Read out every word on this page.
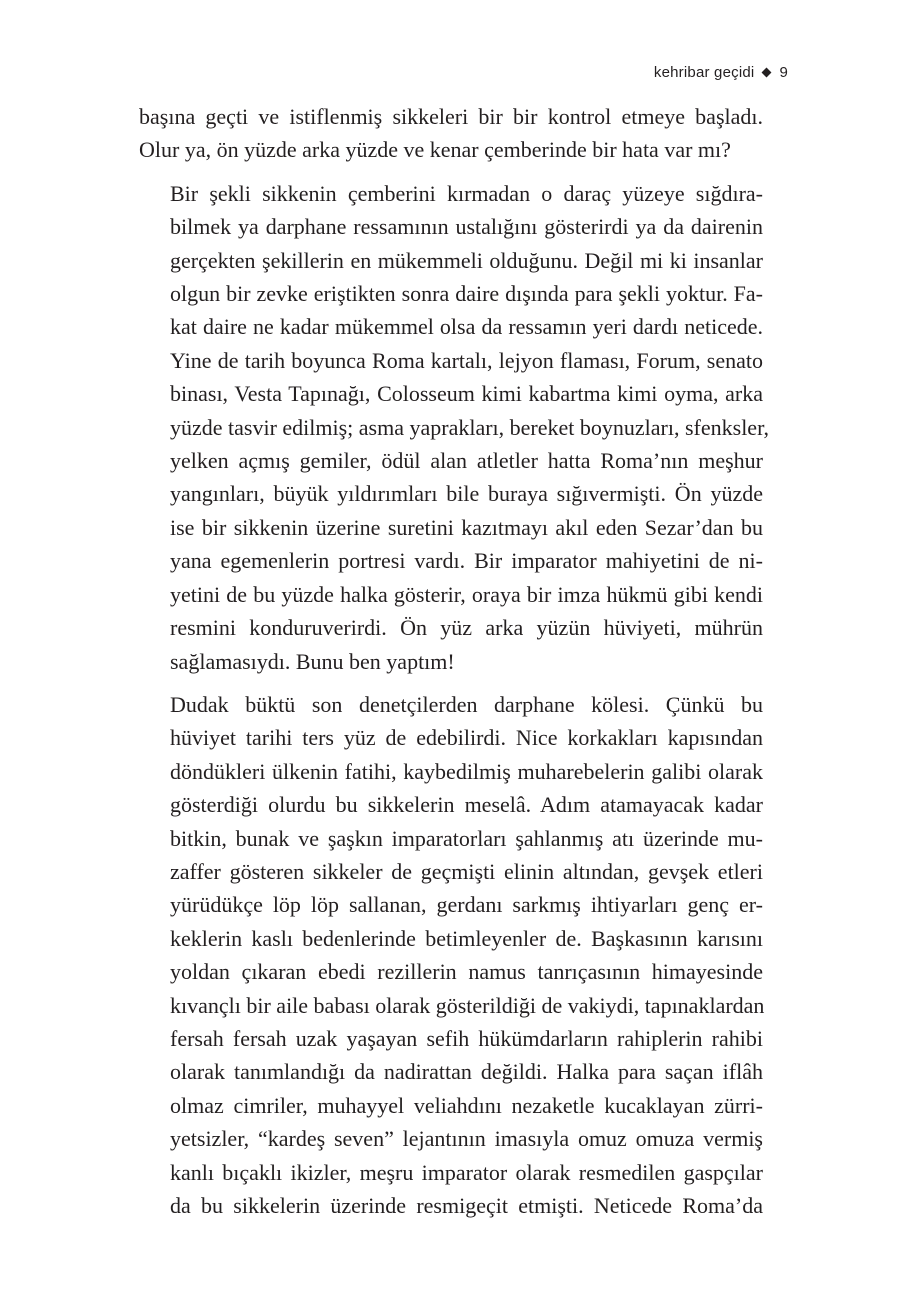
kehribar geçidi 9

başına geçti ve istiflenmiş sikkeleri bir bir kontrol etmeye başladı.
Olur ya, ön yüzde arka yüzde ve kenar çemberinde bir hata var mı?

Bir şekli sikkenin çemberini kırmadan o daraç yüzeye sığdıra-
bilmek ya darphane ressamının ustalığını gösterirdi ya da dairenin
gerçekten şekillerin en mükemmeli olduğunu. Değil mi ki insanlar
olgun bir zevke eriştikten sonra daire dışında para şekli yoktur. Fa-
kat daire ne kadar mükemmel olsa da ressamın yeri dardı neticede.
Yine de tarih boyunca Roma kartalı, lejyon flaması, Forum, senato
binası, Vesta Tapınağı, Colosseum kimi kabartma kimi oyma, arka
yüzde tasvir edilmiş; asma yaprakları, bereket boynuzları, sfenksler,
yelken açmış gemiler, ödül alan atletler hatta Roma’nın meşhur
yangınları, büyük yıldırımları bile buraya sığıvermişti. Ön yüzde
ise bir sikkenin üzerine suretini kazıtmayı akıl eden Sezar’dan bu
yana egemenlerin portresi vardı. Bir imparator mahiyetini de ni-
yetini de bu yüzde halka gösterir, oraya bir imza hükmü gibi kendi
resmini konduruverirdi. Ön yüz arka yüzün hüviyeti, mührün
sağlamasıydı. Bunu ben yaptım!

Dudak büktü son denetçilerden darphane kölesi. Çünkü bu
hüviyet tarihi ters yüz de edebilirdi. Nice korkakları kapısından
döndükleri ülkenin fatihi, kaybedilmiş muharebelerin galibi olarak
gösterdiği olurdu bu sikkelerin meselâ. Adım atamayacak kadar
bitkin, bunak ve şaşkın imparatorları şahlanmış atı üzerinde mu-
zaffer gösteren sikkeler de geçmişti elinin altından, gevşek etleri
yürüdükçe löp löp sallanan, gerdanı sarkmış ihtiyarları genç er-
keklerin kaslı bedenlerinde betimleyenler de. Başkasının karısını
yoldan çıkaran ebedi rezillerin namus tanrıçasının himayesinde
kıvançlı bir aile babası olarak gösterildiği de vakiydi, tapınaklardan
fersah fersah uzak yaşayan sefih hükümdarların rahiplerin rahibi
olarak tanımlandığı da nadirattan değildi. Halka para saçan iflâh
olmaz cimriler, muhayyel veliahdını nezaketle kucaklayan zürri-
yetsizler, “kardeş seven” lejantının imasıyla omuz omuza vermiş
kanlı bıçaklı ikizler, meşru imparator olarak resmedilen gaspçılar
da bu sikkelerin üzerinde resmigeçit etmişti. Neticede Roma’da
